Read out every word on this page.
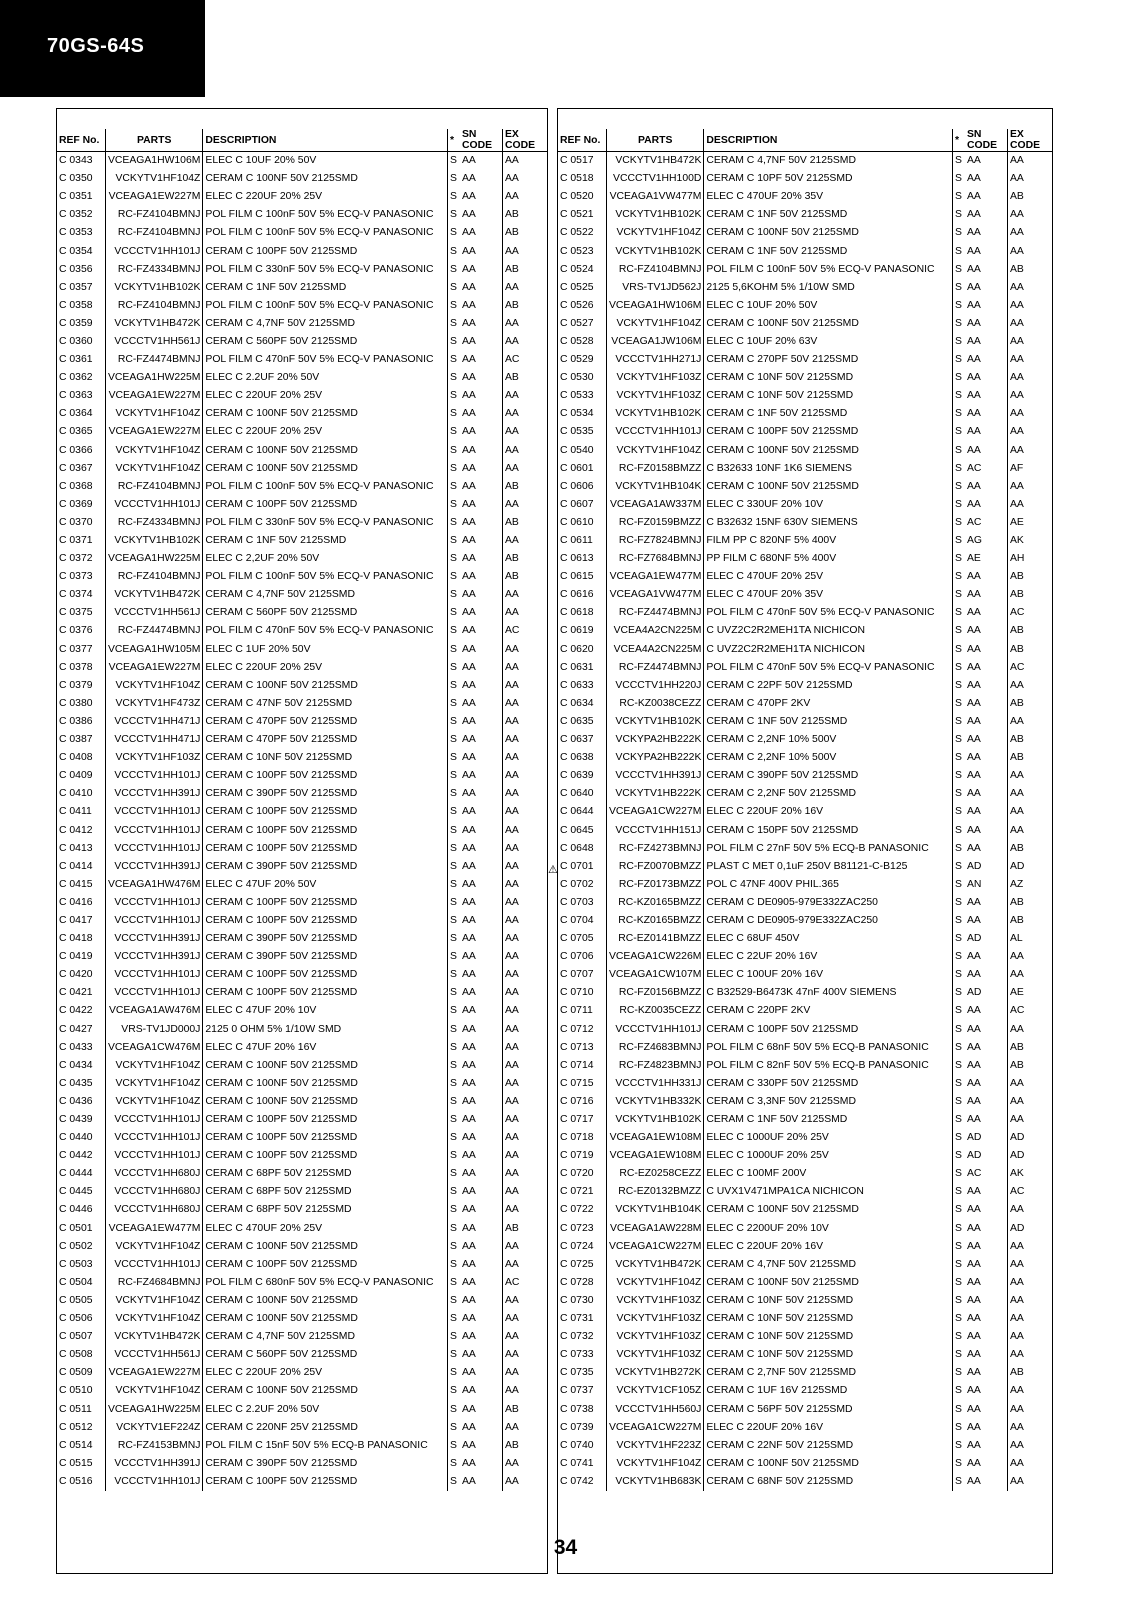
70GS-64S
REF No.	PARTS	DESCRIPTION	*	SN CODE	EX CODE
C 0343	VCEAGA1HW106M	ELEC C 10UF 20% 50V	S	AA	AA
C 0350	VCKYTV1HF104Z	CERAM C 100NF 50V 2125SMD	S	AA	AA
C 0351	VCEAGA1EW227M	ELEC C 220UF 20% 25V	S	AA	AA
C 0352	RC-FZ4104BMNJ	POL FILM C 100nF 50V 5% ECQ-V PANASONIC	S	AA	AB
C 0353	RC-FZ4104BMNJ	POL FILM C 100nF 50V 5% ECQ-V PANASONIC	S	AA	AB
C 0354	VCCCTV1HH101J	CERAM C 100PF 50V 2125SMD	S	AA	AA
C 0356	RC-FZ4334BMNJ	POL FILM C 330nF 50V 5% ECQ-V PANASONIC	S	AA	AB
C 0357	VCKYTV1HB102K	CERAM C 1NF 50V 2125SMD	S	AA	AA
C 0358	RC-FZ4104BMNJ	POL FILM C 100nF 50V 5% ECQ-V PANASONIC	S	AA	AB
C 0359	VCKYTV1HB472K	CERAM C 4,7NF 50V 2125SMD	S	AA	AA
C 0360	VCCCTV1HH561J	CERAM C 560PF 50V 2125SMD	S	AA	AA
C 0361	RC-FZ4474BMNJ	POL FILM C 470nF 50V 5% ECQ-V PANASONIC	S	AA	AC
C 0362	VCEAGA1HW225M	ELEC C 2.2UF 20% 50V	S	AA	AB
C 0363	VCEAGA1EW227M	ELEC C 220UF 20% 25V	S	AA	AA
C 0364	VCKYTV1HF104Z	CERAM C 100NF 50V 2125SMD	S	AA	AA
C 0365	VCEAGA1EW227M	ELEC C 220UF 20% 25V	S	AA	AA
C 0366	VCKYTV1HF104Z	CERAM C 100NF 50V 2125SMD	S	AA	AA
C 0367	VCKYTV1HF104Z	CERAM C 100NF 50V 2125SMD	S	AA	AA
C 0368	RC-FZ4104BMNJ	POL FILM C 100nF 50V 5% ECQ-V PANASONIC	S	AA	AB
C 0369	VCCCTV1HH101J	CERAM C 100PF 50V 2125SMD	S	AA	AA
C 0370	RC-FZ4334BMNJ	POL FILM C 330nF 50V 5% ECQ-V PANASONIC	S	AA	AB
C 0371	VCKYTV1HB102K	CERAM C 1NF 50V 2125SMD	S	AA	AA
C 0372	VCEAGA1HW225M	ELEC C 2,2UF 20% 50V	S	AA	AB
C 0373	RC-FZ4104BMNJ	POL FILM C 100nF 50V 5% ECQ-V PANASONIC	S	AA	AB
C 0374	VCKYTV1HB472K	CERAM C 4,7NF 50V 2125SMD	S	AA	AA
C 0375	VCCCTV1HH561J	CERAM C 560PF 50V 2125SMD	S	AA	AA
C 0376	RC-FZ4474BMNJ	POL FILM C 470nF 50V 5% ECQ-V PANASONIC	S	AA	AC
C 0377	VCEAGA1HW105M	ELEC C 1UF 20% 50V	S	AA	AA
C 0378	VCEAGA1EW227M	ELEC C 220UF 20% 25V	S	AA	AA
C 0379	VCKYTV1HF104Z	CERAM C 100NF 50V 2125SMD	S	AA	AA
C 0380	VCKYTV1HF473Z	CERAM C 47NF 50V 2125SMD	S	AA	AA
C 0386	VCCCTV1HH471J	CERAM C 470PF 50V 2125SMD	S	AA	AA
C 0387	VCCCTV1HH471J	CERAM C 470PF 50V 2125SMD	S	AA	AA
C 0408	VCKYTV1HF103Z	CERAM C 10NF 50V 2125SMD	S	AA	AA
C 0409	VCCCTV1HH101J	CERAM C 100PF 50V 2125SMD	S	AA	AA
C 0410	VCCCTV1HH391J	CERAM C 390PF 50V 2125SMD	S	AA	AA
C 0411	VCCCTV1HH101J	CERAM C 100PF 50V 2125SMD	S	AA	AA
C 0412	VCCCTV1HH101J	CERAM C 100PF 50V 2125SMD	S	AA	AA
C 0413	VCCCTV1HH101J	CERAM C 100PF 50V 2125SMD	S	AA	AA
C 0414	VCCCTV1HH391J	CERAM C 390PF 50V 2125SMD	S	AA	AA
C 0415	VCEAGA1HW476M	ELEC C 47UF 20% 50V	S	AA	AA
C 0416	VCCCTV1HH101J	CERAM C 100PF 50V 2125SMD	S	AA	AA
C 0417	VCCCTV1HH101J	CERAM C 100PF 50V 2125SMD	S	AA	AA
C 0418	VCCCTV1HH391J	CERAM C 390PF 50V 2125SMD	S	AA	AA
C 0419	VCCCTV1HH391J	CERAM C 390PF 50V 2125SMD	S	AA	AA
C 0420	VCCCTV1HH101J	CERAM C 100PF 50V 2125SMD	S	AA	AA
C 0421	VCCCTV1HH101J	CERAM C 100PF 50V 2125SMD	S	AA	AA
C 0422	VCEAGA1AW476M	ELEC C 47UF 20% 10V	S	AA	AA
C 0427	VRS-TV1JD000J	2125 0 OHM 5% 1/10W SMD	S	AA	AA
C 0433	VCEAGA1CW476M	ELEC C 47UF 20% 16V	S	AA	AA
C 0434	VCKYTV1HF104Z	CERAM C 100NF 50V 2125SMD	S	AA	AA
C 0435	VCKYTV1HF104Z	CERAM C 100NF 50V 2125SMD	S	AA	AA
C 0436	VCKYTV1HF104Z	CERAM C 100NF 50V 2125SMD	S	AA	AA
C 0439	VCCCTV1HH101J	CERAM C 100PF 50V 2125SMD	S	AA	AA
C 0440	VCCCTV1HH101J	CERAM C 100PF 50V 2125SMD	S	AA	AA
C 0442	VCCCTV1HH101J	CERAM C 100PF 50V 2125SMD	S	AA	AA
C 0444	VCCCTV1HH680J	CERAM C 68PF 50V 2125SMD	S	AA	AA
C 0445	VCCCTV1HH680J	CERAM C 68PF 50V 2125SMD	S	AA	AA
C 0446	VCCCTV1HH680J	CERAM C 68PF 50V 2125SMD	S	AA	AA
C 0501	VCEAGA1EW477M	ELEC C 470UF 20% 25V	S	AA	AB
C 0502	VCKYTV1HF104Z	CERAM C 100NF 50V 2125SMD	S	AA	AA
C 0503	VCCCTV1HH101J	CERAM C 100PF 50V 2125SMD	S	AA	AA
C 0504	RC-FZ4684BMNJ	POL FILM C 680nF 50V 5% ECQ-V PANASONIC	S	AA	AC
C 0505	VCKYTV1HF104Z	CERAM C 100NF 50V 2125SMD	S	AA	AA
C 0506	VCKYTV1HF104Z	CERAM C 100NF 50V 2125SMD	S	AA	AA
C 0507	VCKYTV1HB472K	CERAM C 4,7NF 50V 2125SMD	S	AA	AA
C 0508	VCCCTV1HH561J	CERAM C 560PF 50V 2125SMD	S	AA	AA
C 0509	VCEAGA1EW227M	ELEC C 220UF 20% 25V	S	AA	AA
C 0510	VCKYTV1HF104Z	CERAM C 100NF 50V 2125SMD	S	AA	AA
C 0511	VCEAGA1HW225M	ELEC C 2.2UF 20% 50V	S	AA	AB
C 0512	VCKYTV1EF224Z	CERAM C 220NF 25V 2125SMD	S	AA	AA
C 0514	RC-FZ4153BMNJ	POL FILM C 15nF 50V 5% ECQ-B PANASONIC	S	AA	AB
C 0515	VCCCTV1HH391J	CERAM C 390PF 50V 2125SMD	S	AA	AA
C 0516	VCCCTV1HH101J	CERAM C 100PF 50V 2125SMD	S	AA	AA
REF No.	PARTS	DESCRIPTION	*	SN CODE	EX CODE
C 0517	VCKYTV1HB472K	CERAM C 4,7NF 50V 2125SMD	S	AA	AA
C 0518	VCCCTV1HH100D	CERAM C 10PF 50V 2125SMD	S	AA	AA
C 0520	VCEAGA1VW477M	ELEC C 470UF 20% 35V	S	AA	AB
C 0521	VCKYTV1HB102K	CERAM C 1NF 50V 2125SMD	S	AA	AA
C 0522	VCKYTV1HF104Z	CERAM C 100NF 50V 2125SMD	S	AA	AA
C 0523	VCKYTV1HB102K	CERAM C 1NF 50V 2125SMD	S	AA	AA
C 0524	RC-FZ4104BMNJ	POL FILM C 100nF 50V 5% ECQ-V PANASONIC	S	AA	AB
C 0525	VRS-TV1JD562J	2125 5,6KOHM 5% 1/10W SMD	S	AA	AA
C 0526	VCEAGA1HW106M	ELEC C 10UF 20% 50V	S	AA	AA
C 0527	VCKYTV1HF104Z	CERAM C 100NF 50V 2125SMD	S	AA	AA
C 0528	VCEAGA1JW106M	ELEC C 10UF 20% 63V	S	AA	AA
C 0529	VCCCTV1HH271J	CERAM C 270PF 50V 2125SMD	S	AA	AA
C 0530	VCKYTV1HF103Z	CERAM C 10NF 50V 2125SMD	S	AA	AA
C 0533	VCKYTV1HF103Z	CERAM C 10NF 50V 2125SMD	S	AA	AA
C 0534	VCKYTV1HB102K	CERAM C 1NF 50V 2125SMD	S	AA	AA
C 0535	VCCCTV1HH101J	CERAM C 100PF 50V 2125SMD	S	AA	AA
C 0540	VCKYTV1HF104Z	CERAM C 100NF 50V 2125SMD	S	AA	AA
C 0601	RC-FZ0158BMZZ	C B32633 10NF 1K6 SIEMENS	S	AC	AF
C 0606	VCKYTV1HB104K	CERAM C 100NF 50V 2125SMD	S	AA	AA
C 0607	VCEAGA1AW337M	ELEC C 330UF 20% 10V	S	AA	AA
C 0610	RC-FZ0159BMZZ	C B32632 15NF 630V SIEMENS	S	AC	AE
C 0611	RC-FZ7824BMNJ	FILM PP C 820NF 5% 400V	S	AG	AK
C 0613	RC-FZ7684BMNJ	PP FILM C 680NF 5% 400V	S	AE	AH
C 0615	VCEAGA1EW477M	ELEC C 470UF 20% 25V	S	AA	AB
C 0616	VCEAGA1VW477M	ELEC C 470UF 20% 35V	S	AA	AB
C 0618	RC-FZ4474BMNJ	POL FILM C 470nF 50V 5% ECQ-V PANASONIC	S	AA	AC
C 0619	VCEA4A2CN225M	C UVZ2C2R2MEH1TA NICHICON	S	AA	AB
C 0620	VCEA4A2CN225M	C UVZ2C2R2MEH1TA NICHICON	S	AA	AB
C 0631	RC-FZ4474BMNJ	POL FILM C 470nF 50V 5% ECQ-V PANASONIC	S	AA	AC
C 0633	VCCCTV1HH220J	CERAM C 22PF 50V 2125SMD	S	AA	AA
C 0634	RC-KZ0038CEZZ	CERAM C 470PF 2KV	S	AA	AB
C 0635	VCKYTV1HB102K	CERAM C 1NF 50V 2125SMD	S	AA	AA
C 0637	VCKYPA2HB222K	CERAM C 2,2NF 10% 500V	S	AA	AB
C 0638	VCKYPA2HB222K	CERAM C 2,2NF 10% 500V	S	AA	AB
C 0639	VCCCTV1HH391J	CERAM C 390PF 50V 2125SMD	S	AA	AA
C 0640	VCKYTV1HB222K	CERAM C 2,2NF 50V 2125SMD	S	AA	AA
C 0644	VCEAGA1CW227M	ELEC C 220UF 20% 16V	S	AA	AA
C 0645	VCCCTV1HH151J	CERAM C 150PF 50V 2125SMD	S	AA	AA
C 0648	RC-FZ4273BMNJ	POL FILM C 27nF 50V 5% ECQ-B PANASONIC	S	AA	AB
C 0701	RC-FZ0070BMZZ	PLAST C MET 0,1uF 250V B81121-C-B125	S	AD	AD
C 0702	RC-FZ0173BMZZ	POL C 47NF 400V PHIL.365	S	AN	AZ
C 0703	RC-KZ0165BMZZ	CERAM C DE0905-979E332ZAC250	S	AA	AB
C 0704	RC-KZ0165BMZZ	CERAM C DE0905-979E332ZAC250	S	AA	AB
C 0705	RC-EZ0141BMZZ	ELEC C 68UF 450V	S	AD	AL
C 0706	VCEAGA1CW226M	ELEC C 22UF 20% 16V	S	AA	AA
C 0707	VCEAGA1CW107M	ELEC C 100UF 20% 16V	S	AA	AA
C 0710	RC-FZ0156BMZZ	C B32529-B6473K 47nF 400V SIEMENS	S	AD	AE
C 0711	RC-KZ0035CEZZ	CERAM C 220PF 2KV	S	AA	AC
C 0712	VCCCTV1HH101J	CERAM C 100PF 50V 2125SMD	S	AA	AA
C 0713	RC-FZ4683BMNJ	POL FILM C 68nF 50V 5% ECQ-B PANASONIC	S	AA	AB
C 0714	RC-FZ4823BMNJ	POL FILM C 82nF 50V 5% ECQ-B PANASONIC	S	AA	AB
C 0715	VCCCTV1HH331J	CERAM C 330PF 50V 2125SMD	S	AA	AA
C 0716	VCKYTV1HB332K	CERAM C 3,3NF 50V 2125SMD	S	AA	AA
C 0717	VCKYTV1HB102K	CERAM C 1NF 50V 2125SMD	S	AA	AA
C 0718	VCEAGA1EW108M	ELEC C 1000UF 20% 25V	S	AD	AD
C 0719	VCEAGA1EW108M	ELEC C 1000UF 20% 25V	S	AD	AD
C 0720	RC-EZ0258CEZZ	ELEC C 100MF 200V	S	AC	AK
C 0721	RC-EZ0132BMZZ	C UVX1V471MPA1CA NICHICON	S	AA	AC
C 0722	VCKYTV1HB104K	CERAM C 100NF 50V 2125SMD	S	AA	AA
C 0723	VCEAGA1AW228M	ELEC C 2200UF 20% 10V	S	AA	AD
C 0724	VCEAGA1CW227M	ELEC C 220UF 20% 16V	S	AA	AA
C 0725	VCKYTV1HB472K	CERAM C 4,7NF 50V 2125SMD	S	AA	AA
C 0728	VCKYTV1HF104Z	CERAM C 100NF 50V 2125SMD	S	AA	AA
C 0730	VCKYTV1HF103Z	CERAM C 10NF 50V 2125SMD	S	AA	AA
C 0731	VCKYTV1HF103Z	CERAM C 10NF 50V 2125SMD	S	AA	AA
C 0732	VCKYTV1HF103Z	CERAM C 10NF 50V 2125SMD	S	AA	AA
C 0733	VCKYTV1HF103Z	CERAM C 10NF 50V 2125SMD	S	AA	AA
C 0735	VCKYTV1HB272K	CERAM C 2,7NF 50V 2125SMD	S	AA	AB
C 0737	VCKYTV1CF105Z	CERAM C 1UF 16V 2125SMD	S	AA	AA
C 0738	VCCCTV1HH560J	CERAM C 56PF 50V 2125SMD	S	AA	AA
C 0739	VCEAGA1CW227M	ELEC C 220UF 20% 16V	S	AA	AA
C 0740	VCKYTV1HF223Z	CERAM C 22NF 50V 2125SMD	S	AA	AA
C 0741	VCKYTV1HF104Z	CERAM C 100NF 50V 2125SMD	S	AA	AA
C 0742	VCKYTV1HB683K	CERAM C 68NF 50V 2125SMD	S	AA	AA
⚠
34
